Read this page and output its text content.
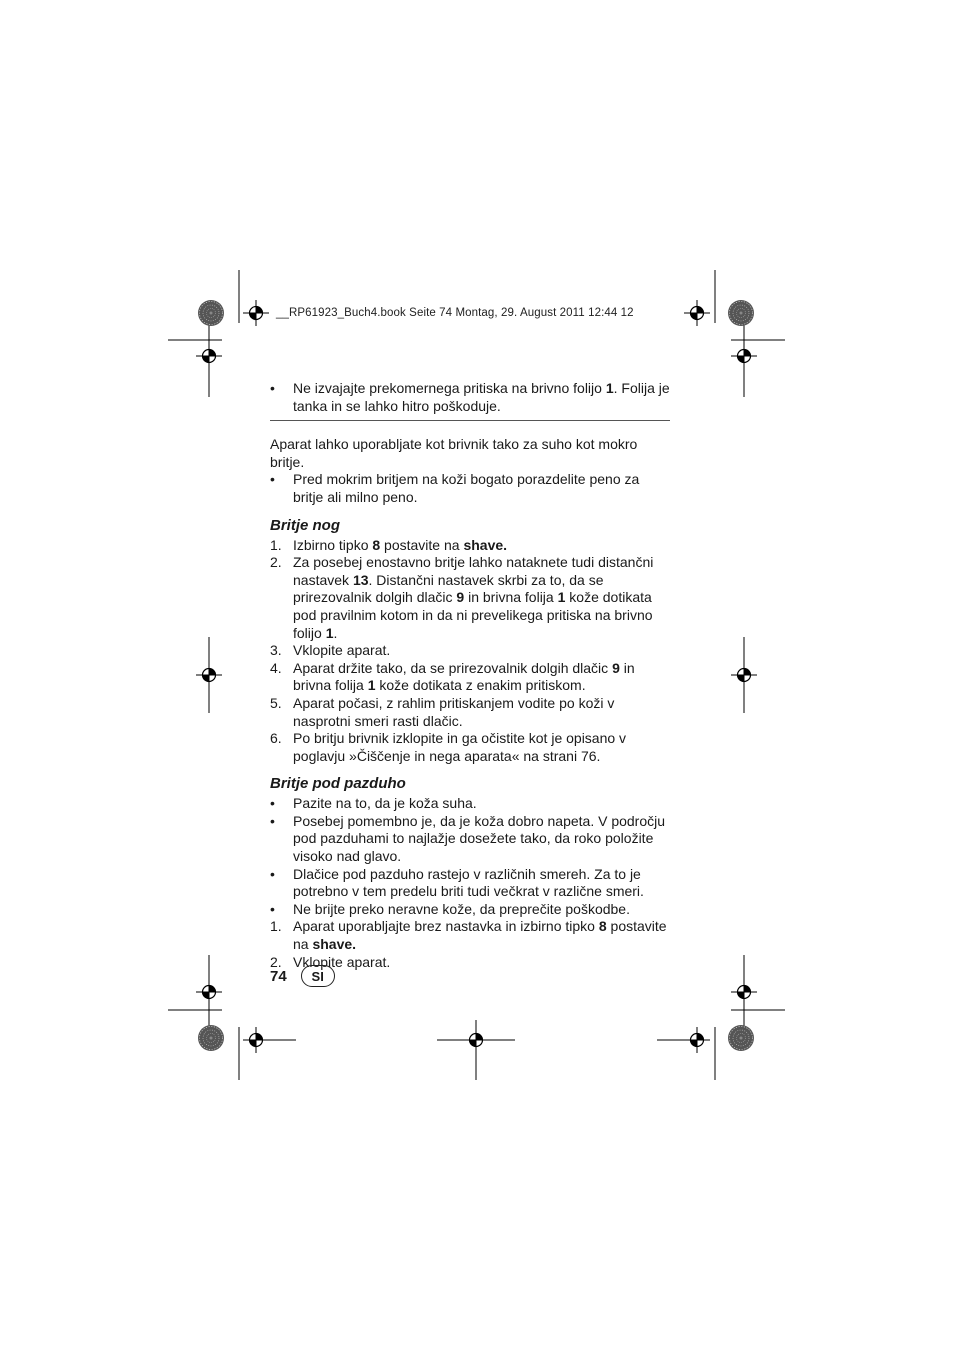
__RP61923_Buch4.book Seite 74 Montag, 29. August 2011 12:44 12
•	Ne izvajajte prekomernega pritiska na brivno folijo 1. Folija je tanka in se lahko hitro poškoduje.

Aparat lahko uporabljate kot brivnik tako za suho kot mokro britje.

•	Pred mokrim britjem na koži bogato porazdelite peno za britje ali milno peno.
Britje nog
1. Izbirno tipko 8 postavite na shave.
2. Za posebej enostavno britje lahko nataknete tudi distančni nastavek 13. Distančni nastavek skrbi za to, da se prirezovalnik dolgih dlačic 9 in brivna folija 1 kože dotikata pod pravilnim kotom in da ni prevelikega pritiska na brivno folijo 1.
3. Vklopite aparat.
4. Aparat držite tako, da se prirezovalnik dolgih dlačic 9 in brivna folija 1 kože dotikata z enakim pritiskom.
5. Aparat počasi, z rahlim pritiskanjem vodite po koži v nasprotni smeri rasti dlačic.
6. Po britju brivnik izklopite in ga očistite kot je opisano v poglavju »Čiščenje in nega aparata« na strani 76.
Britje pod pazduho
•	Pazite na to, da je koža suha.
•	Posebej pomembno je, da je koža dobro napeta. V področju pod pazduhami to najlažje dosežete tako, da roko položite visoko nad glavo.
•	Dlačice pod pazduho rastejo v različnih smereh. Za to je potrebno v tem predelu briti tudi večkrat v različne smeri.
•	Ne brijte preko neravne kože, da preprečite poškodbe.
1. Aparat uporabljajte brez nastavka in izbirno tipko 8 postavite na shave.
2. Vklopite aparat.
74	SI
